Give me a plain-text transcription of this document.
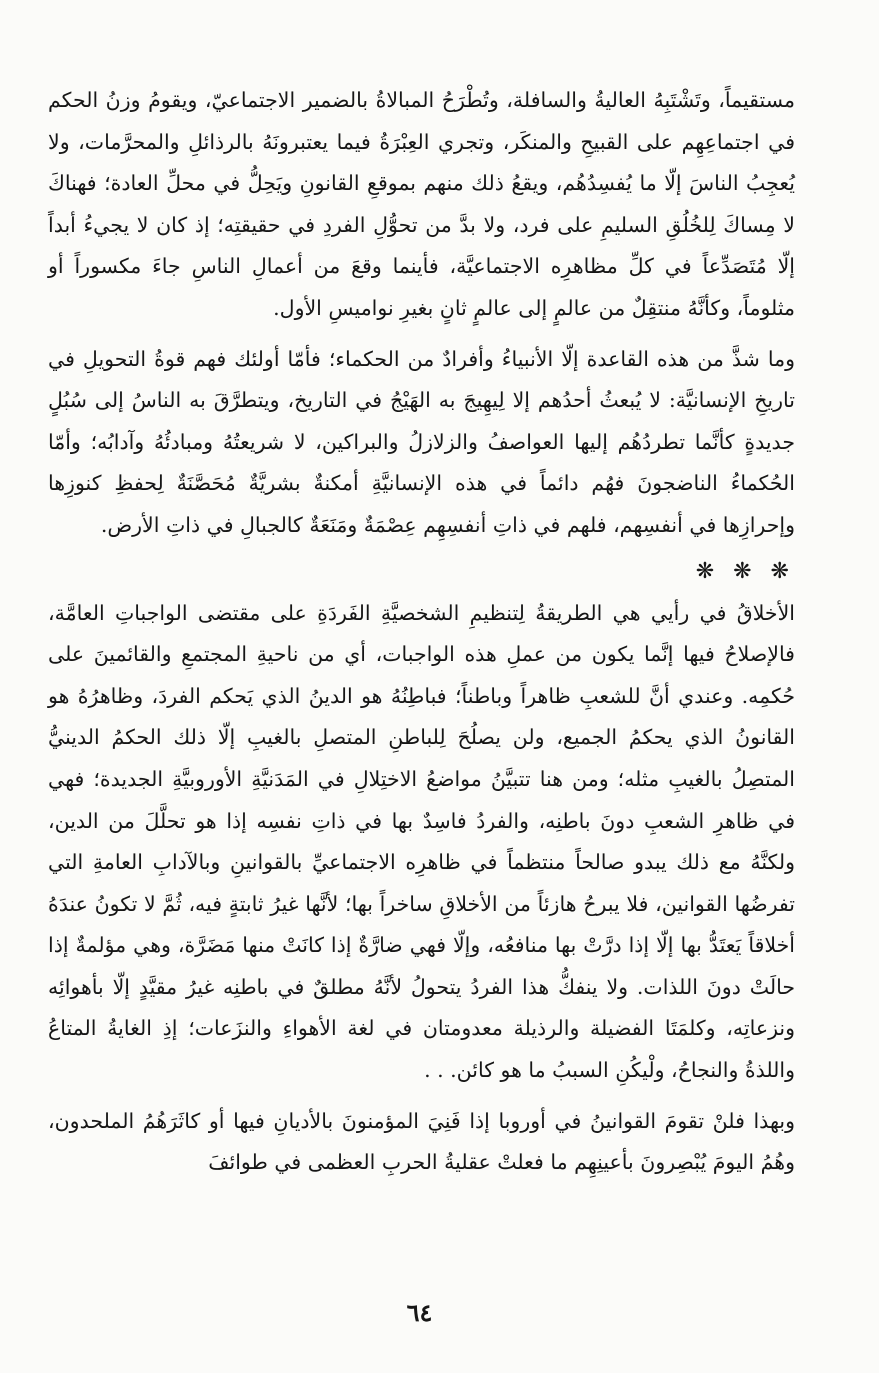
مستقيماً، وتَشْتَبِهُ العاليةُ والسافلة، وتُطْرَحُ المبالاةُ بالضمير الاجتماعيّ، ويقومُ وزنُ الحكم في اجتماعِهِم على القبيحِ والمنكَر، وتجري العِبْرَةُ فيما يعتبرونَهُ بالرذائلِ والمحرَّمات، ولا يُعجِبُ الناسَ إلّا ما يُفسِدُهُم، ويقعُ ذلك منهم بموقعِ القانونِ ويَحِلُّ في محلِّ العادة؛ فهناكَ لا مِساكَ لِلخُلُقِ السليمِ على فرد، ولا بدَّ من تحوُّلِ الفردِ في حقيقتِه؛ إذ كان لا يجيءُ أبداً إلّا مُتَصَدِّعاً في كلِّ مظاهرِه الاجتماعيَّة، فأينما وقعَ من أعمالِ الناسِ جاءَ مكسوراً أو مثلوماً، وكأنَّهُ منتقِلٌ من عالمٍ إلى عالمٍ ثانٍ بغيرِ نواميسِ الأول.

وما شذَّ من هذه القاعدة إلّا الأنبياءُ وأفرادٌ من الحكماء؛ فأمّا أولئك فهم قوةُ التحويلِ في تاريخِ الإنسانيَّة: لا يُبعثُ أحدُهم إلا لِيهِيجَ به الهَيْجُ في التاريخ، ويتطرَّقَ به الناسُ إلى سُبُلٍ جديدةٍ كأنَّما تطردُهُم إليها العواصفُ والزلازلُ والبراكين، لا شريعتُهُ ومبادئُهُ وآدابُه؛ وأمّا الحُكماءُ الناضجونَ فهُم دائماً في هذه الإنسانيَّةِ أمكنةٌ بشريَّةٌ مُحَصَّنَةٌ لِحفظِ كنوزِها وإحرازِها في أنفسِهم، فلهم في ذاتِ أنفسِهِم عِصْمَةٌ ومَنَعَةٌ كالجبالِ في ذاتِ الأرض.

❋ ❋ ❋

الأخلاقُ في رأيي هي الطريقةُ لِتنظيمِ الشخصيَّةِ الفَردَةِ على مقتضى الواجباتِ العامَّة، فالإصلاحُ فيها إنَّما يكون من عملِ هذه الواجبات، أي من ناحيةِ المجتمعِ والقائمينَ على حُكمِه. وعندي أنَّ للشعبِ ظاهراً وباطناً؛ فباطِنُهُ هو الدينُ الذي يَحكم الفردَ، وظاهرُهُ هو القانونُ الذي يحكمُ الجميع، ولن يصلُحَ لِلباطنِ المتصلِ بالغيبِ إلّا ذلك الحكمُ الدينيُّ المتصِلُ بالغيبِ مثله؛ ومن هنا تتبيَّنُ مواضعُ الاختِلالِ في المَدَنيَّةِ الأوروبيَّةِ الجديدة؛ فهي في ظاهرِ الشعبِ دونَ باطنِه، والفردُ فاسِدٌ بها في ذاتِ نفسِه إذا هو تحلَّلَ من الدين، ولكنَّهُ مع ذلك يبدو صالحاً منتظماً في ظاهرِه الاجتماعيِّ بالقوانينِ وبالآدابِ العامةِ التي تفرضُها القوانين، فلا يبرحُ هازئاً من الأخلاقِ ساخراً بها؛ لأنَّها غيرُ ثابتةٍ فيه، ثُمَّ لا تكونُ عندَهُ أخلاقاً يَعتَدُّ بها إلّا إذا درَّتْ بها منافعُه، وإلّا فهي ضارَّةٌ إذا كانَتْ منها مَضَرَّة، وهي مؤلمةٌ إذا حالَتْ دونَ اللذات. ولا ينفكُّ هذا الفردُ يتحولُ لأنَّهُ مطلقٌ في باطنِه غيرُ مقيَّدٍ إلّا بأهوائِه ونزعاتِه، وكلمَتَا الفضيلة والرذيلة معدومتان في لغة الأهواءِ والنزَعات؛ إذِ الغايةُ المتاعُ واللذةُ والنجاحُ، ولْيكُنِ السببُ ما هو كائن. . .

وبهذا فلنْ تقومَ القوانينُ في أوروبا إذا فَنِيَ المؤمنونَ بالأديانِ فيها أو كاثَرَهُمُ الملحدون، وهُمُ اليومَ يُبْصِرونَ بأعينِهِم ما فعلتْ عقليةُ الحربِ العظمى في طوائفَ

٦٤
